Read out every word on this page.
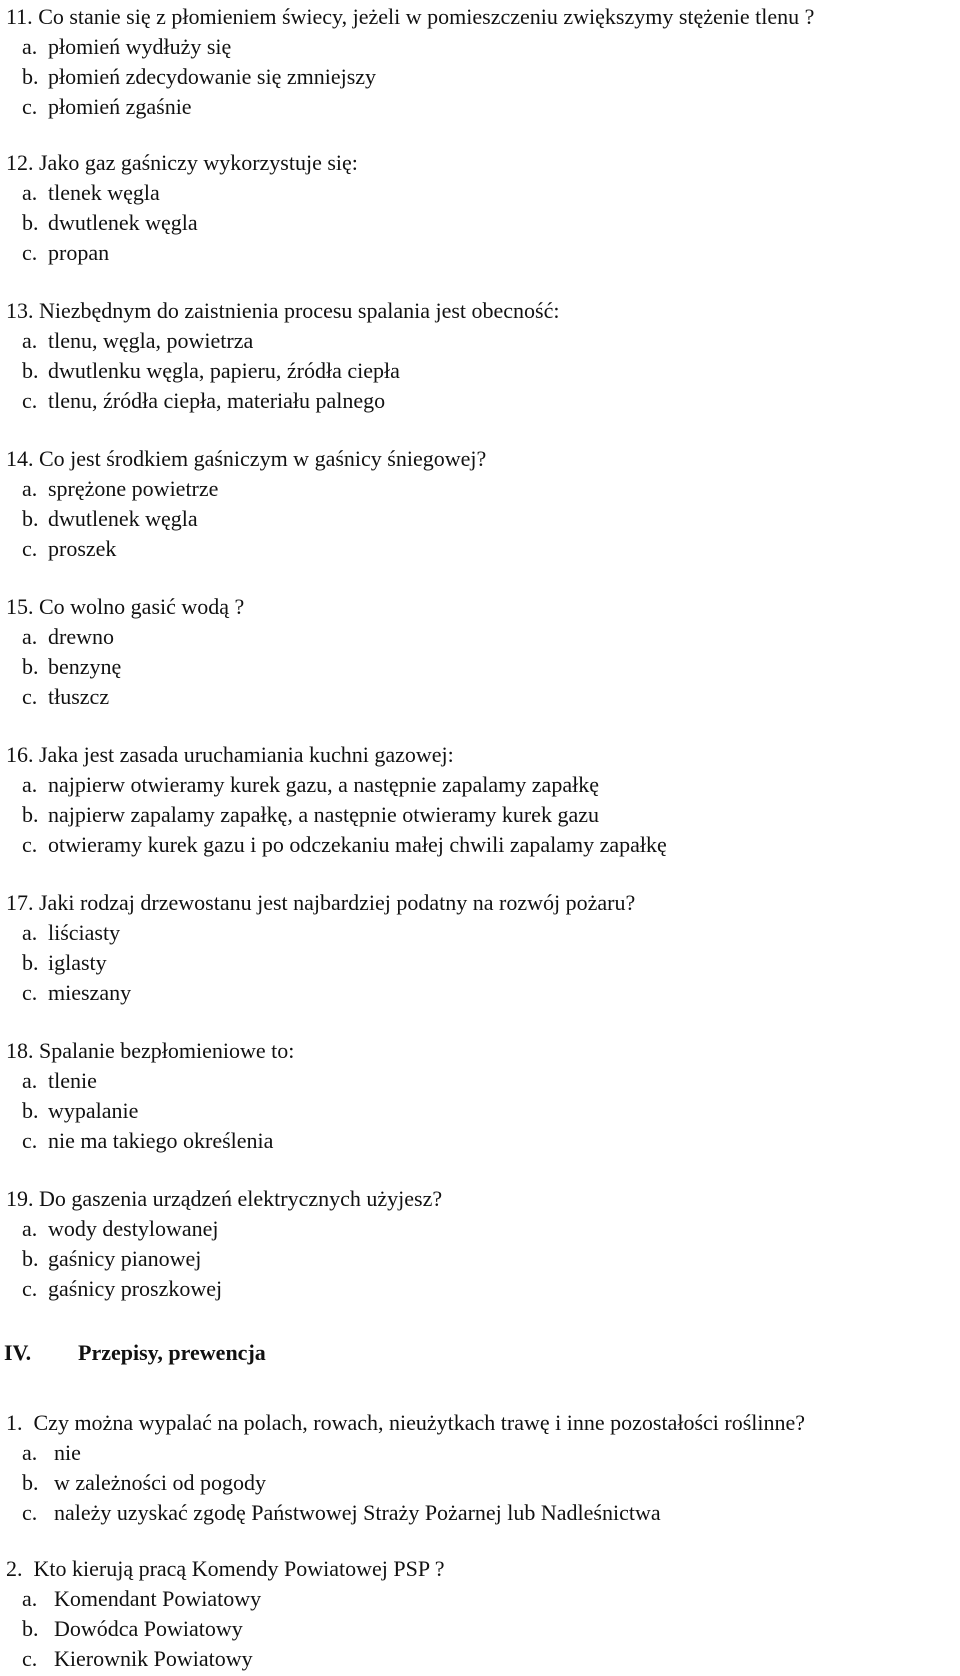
11. Co stanie się z płomieniem świecy, jeżeli w pomieszczeniu zwiększymy stężenie tlenu ?
a. płomień wydłuży się
b. płomień zdecydowanie się zmniejszy
c. płomień zgaśnie
12. Jako gaz gaśniczy wykorzystuje się:
a. tlenek węgla
b. dwutlenek węgla
c. propan
13. Niezbędnym do zaistnienia procesu spalania jest obecność:
a. tlenu, węgla, powietrza
b. dwutlenku węgla, papieru, źródła ciepła
c. tlenu, źródła ciepła, materiału palnego
14. Co jest środkiem gaśniczym w gaśnicy śniegowej?
a. sprężone powietrze
b. dwutlenek węgla
c. proszek
15. Co wolno gasić wodą ?
a. drewno
b. benzynę
c. tłuszcz
16. Jaka jest zasada uruchamiania kuchni gazowej:
a. najpierw otwieramy kurek gazu, a następnie zapalamy zapałkę
b. najpierw zapalamy zapałkę, a następnie otwieramy kurek gazu
c. otwieramy kurek gazu i po odczekaniu małej chwili zapalamy zapałkę
17. Jaki rodzaj drzewostanu jest najbardziej podatny na rozwój pożaru?
a. liściasty
b. iglasty
c. mieszany
18. Spalanie bezpłomieniowe to:
a. tlenie
b. wypalanie
c. nie ma takiego określenia
19. Do gaszenia urządzeń elektrycznych użyjesz?
a. wody destylowanej
b. gaśnicy pianowej
c. gaśnicy proszkowej
IV. Przepisy, prewencja
1. Czy można wypalać na polach, rowach, nieużytkach trawę i inne pozostałości roślinne?
a. nie
b. w zależności od pogody
c. należy uzyskać zgodę Państwowej Straży Pożarnej lub Nadleśnictwa
2. Kto kierują pracą Komendy Powiatowej PSP ?
a. Komendant Powiatowy
b. Dowódca Powiatowy
c. Kierownik Powiatowy
